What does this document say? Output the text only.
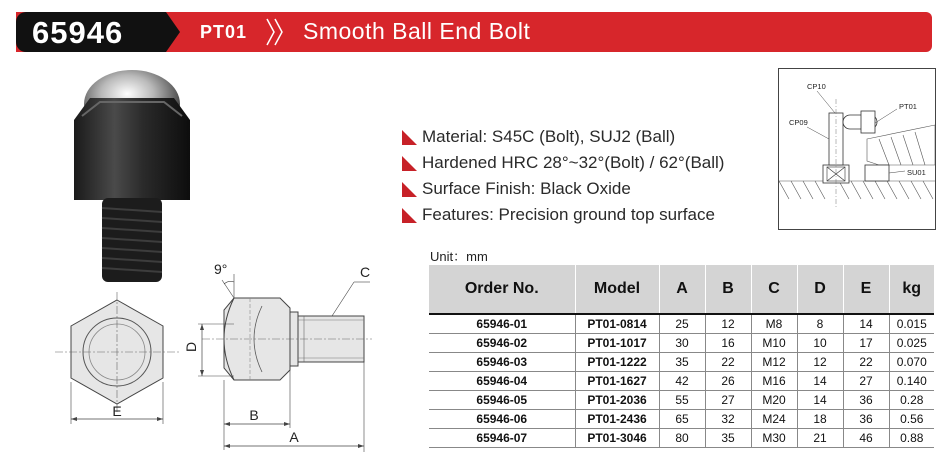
65946	PT01 Smooth Ball End Bolt
E
9°	C
D
B
A
Material: S45C (Bolt), SUJ2 (Ball)
Hardened HRC 28°~32°(Bolt) / 62°(Ball)
Surface Finish: Black Oxide
Features: Precision ground top surface
CP10
CP09
PT01
SU01
Unit：mm
Order No.	Model	A	B	C	D	E	kg
65946-01	PT01-0814	25	12	M8	8	14	0.015
65946-02	PT01-1017	30	16	M10	10	17	0.025
65946-03	PT01-1222	35	22	M12	12	22	0.070
65946-04	PT01-1627	42	26	M16	14	27	0.140
65946-05	PT01-2036	55	27	M20	14	36	0.28
65946-06	PT01-2436	65	32	M24	18	36	0.56
65946-07	PT01-3046	80	35	M30	21	46	0.88
